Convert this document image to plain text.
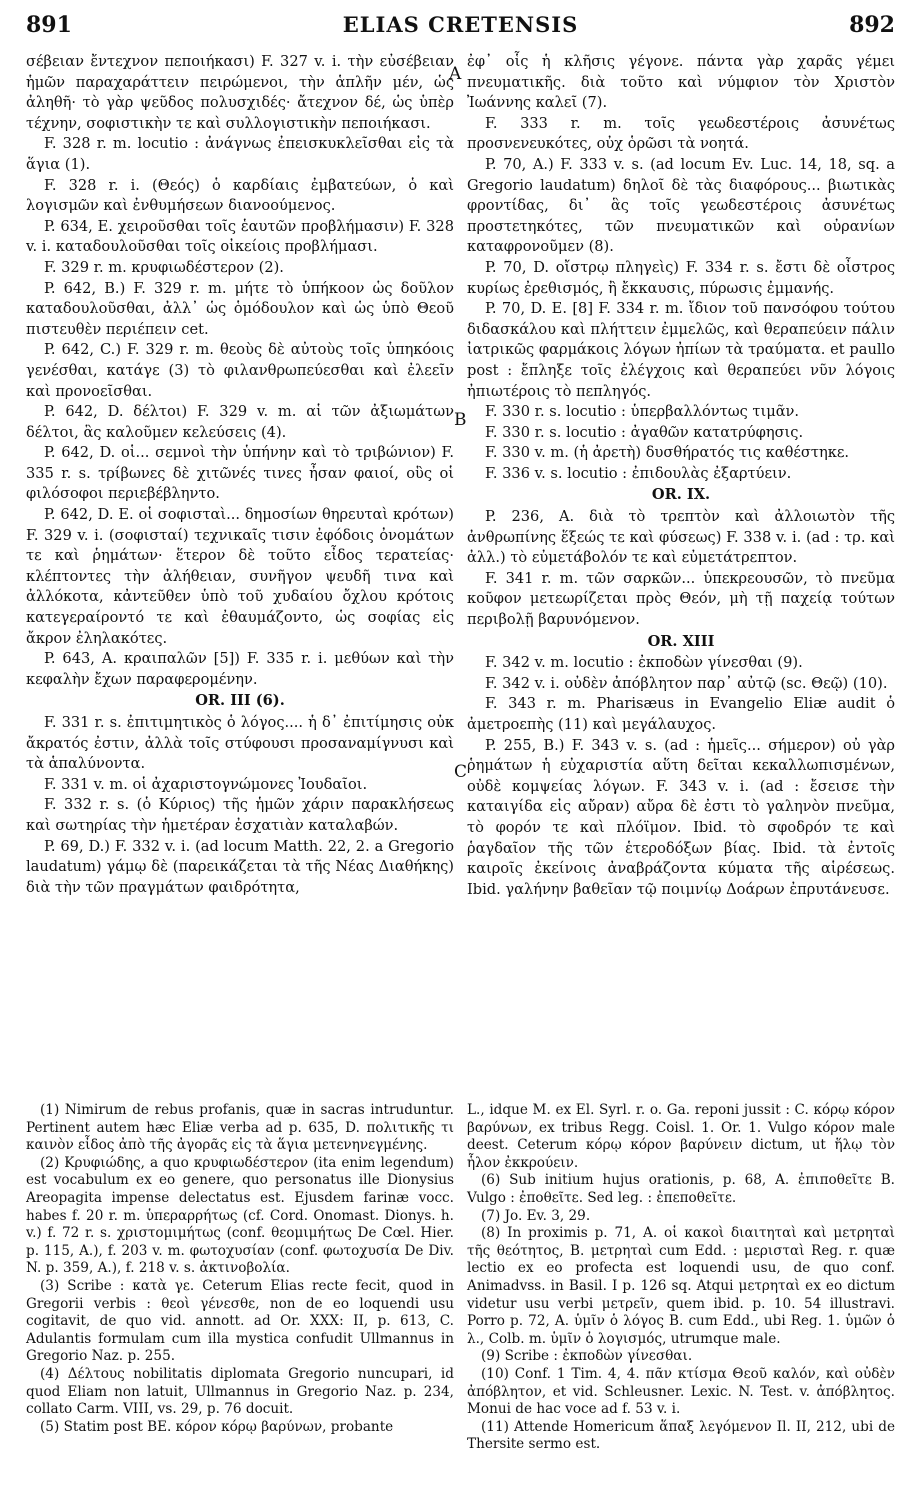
891	ELIAS CRETENSIS	892

σέβειαν ἔντεχνον πεποιήκασι) F. 327 v. i. τὴν εὐσέβειαν ἡμῶν παραχαράττειν πειρώμενοι, τὴν ἁπλῆν μέν, ὡς ἀληθῆ· τὸ γὰρ ψεῦδος πολυσχιδές· ἄτεχνον δέ, ὡς ὑπὲρ τέχνην, σοφιστικὴν τε καὶ συλλογιστικὴν πεποιήκασι.

F. 328 r. m. locutio : ἀνάγνως ἐπεισκυκλεῖσθαι εἰς τὰ ἅγια (1).

F. 328 r. i. (Θεός) ὁ καρδίαις ἐμβατεύων, ὁ καὶ λογισμῶν καὶ ἐνθυμήσεων διανοούμενος.

P. 634, E. χειροῦσθαι τοῖς ἑαυτῶν προβλήμασιν) F. 328 v. i. καταδουλοῦσθαι τοῖς οἰκείοις προβλήμασι.

F. 329 r. m. κρυφιωδέστερον (2).

P. 642, B.) F. 329 r. m. μήτε τὸ ὑπήκοον ὡς δοῦλον καταδουλοῦσθαι, ἀλλ᾽ ὡς ὁμόδουλον καὶ ὡς ὑπὸ Θεοῦ πιστευθὲν περιέπειν cet.

P. 642, C.) F. 329 r. m. θεοὺς δὲ αὐτοὺς τοῖς ὑπηκόοις γενέσθαι, κατάγε (3) τὸ φιλανθρωπεύεσθαι καὶ ἐλεεῖν καὶ προνοεῖσθαι.

P. 642, D. δέλτοι) F. 329 v. m. αἱ τῶν ἀξιωμάτων δέλτοι, ἃς καλοῦμεν κελεύσεις (4).

P. 642, D. οἱ... σεμνοὶ τὴν ὑπήνην καὶ τὸ τριβώνιον) F. 335 r. s. τρίβωνες δὲ χιτῶνές τινες ἦσαν φαιοί, οὓς οἱ φιλόσοφοι περιεβέβληντο.

P. 642, D. E. οἱ σοφισταὶ... δημοσίων θηρευταὶ κρότων) F. 329 v. i. (σοφισταί) τεχνικαῖς τισιν ἐφόδοις ὀνομάτων τε καὶ ῥημάτων· ἕτερον δὲ τοῦτο εἶδος τερατείας· κλέπτοντες τὴν ἀλήθειαν, συνῆγον ψευδῆ τινα καὶ ἀλλόκοτα, κἀντεῦθεν ὑπὸ τοῦ χυδαίου ὄχλου κρότοις κατεγεραίροντό τε καὶ ἐθαυμάζοντο, ὡς σοφίας εἰς ἄκρον ἐληλακότες.

P. 643, A. κραιπαλῶν [5]) F. 335 r. i. μεθύων καὶ τὴν κεφαλὴν ἔχων παραφερομένην.

OR. III (6).

F. 331 r. s. ἐπιτιμητικὸς ὁ λόγος.... ἡ δ᾽ ἐπιτίμησις οὐκ ἄκρατός ἐστιν, ἀλλὰ τοῖς στύφουσι προσαναμίγνυσι καὶ τὰ ἁπαλύνοντα.

F. 331 v. m. οἱ ἀχαριστογνώμονες Ἰουδαῖοι.

F. 332 r. s. (ὁ Κύριος) τῆς ἡμῶν χάριν παρακλήσεως καὶ σωτηρίας τὴν ἡμετέραν ἐσχατιὰν καταλαβών.

P. 69, D.) F. 332 v. i. (ad locum Matth. 22, 2. a Gregorio laudatum) γάμῳ δὲ (παρεικάζεται τὰ τῆς Νέας Διαθήκης) διὰ τὴν τῶν πραγμάτων φαιδρότητα,

A
B
C

ἐφ᾽ οἷς ἡ κλῆσις γέγονε. πάντα γὰρ χαρᾶς γέμει πνευματικῆς. διὰ τοῦτο καὶ νύμφιον τὸν Χριστὸν Ἰωάννης καλεῖ (7).

F. 333 r. m. τοῖς γεωδεστέροις ἀσυνέτως προσνενευκότες, οὐχ ὁρῶσι τὰ νοητά.

P. 70, A.) F. 333 v. s. (ad locum Ev. Luc. 14, 18, sq. a Gregorio laudatum) δηλοῖ δὲ τὰς διαφόρους... βιωτικὰς φροντίδας, δι᾽ ἃς τοῖς γεωδεστέροις ἀσυνέτως προστετηκότες, τῶν πνευματικῶν καὶ οὐρανίων καταφρονοῦμεν (8).

P. 70, D. οἴστρῳ πληγεὶς) F. 334 r. s. ἔστι δὲ οἶστρος κυρίως ἐρεθισμός, ἢ ἔκκαυσις, πύρωσις ἐμμανής.

P. 70, D. E. [8] F. 334 r. m. ἴδιον τοῦ πανσόφου τούτου διδασκάλου καὶ πλήττειν ἐμμελῶς, καὶ θεραπεύειν πάλιν ἰατρικῶς φαρμάκοις λόγων ἠπίων τὰ τραύματα. et paullo post : ἔπληξε τοῖς ἐλέγχοις καὶ θεραπεύει νῦν λόγοις ἠπιωτέροις τὸ πεπληγός.

F. 330 r. s. locutio : ὑπερβαλλόντως τιμᾶν.

F. 330 r. s. locutio : ἀγαθῶν κατατρύφησις.

F. 330 v. m. (ἡ ἀρετὴ) δυσθήρατός τις καθέστηκε.

F. 336 v. s. locutio : ἐπιδουλὰς ἐξαρτύειν.

OR. IX.

P. 236, A. διὰ τὸ τρεπτὸν καὶ ἀλλοιωτὸν τῆς ἀνθρωπίνης ἕξεώς τε καὶ φύσεως) F. 338 v. i. (ad : τρ. καὶ ἀλλ.) τὸ εὐμετάβολόν τε καὶ εὐμετάτρεπτον.

F. 341 r. m. τῶν σαρκῶν... ὑπεκρεουσῶν, τὸ πνεῦμα κοῦφον μετεωρίζεται πρὸς Θεόν, μὴ τῇ παχείᾳ τούτων περιβολῇ βαρυνόμενον.

OR. XIII

F. 342 v. m. locutio : ἐκποδὼν γίνεσθαι (9).

F. 342 v. i. οὐδὲν ἀπόβλητον παρ᾽ αὐτῷ (sc. Θεῷ) (10).

F. 343 r. m. Pharisæus in Evangelio Eliæ audit ὁ ἀμετροεπὴς (11) καὶ μεγάλαυχος.

P. 255, B.) F. 343 v. s. (ad : ἡμεῖς... σήμερον) οὐ γὰρ ῥημάτων ἡ εὐχαριστία αὕτη δεῖται κεκαλλωπισμένων, οὐδὲ κομψείας λόγων. F. 343 v. i. (ad : ἔσεισε τὴν καταιγίδα εἰς αὔραν) αὔρα δὲ ἐστι τὸ γαληνὸν πνεῦμα, τὸ φορόν τε καὶ πλόϊμον. Ibid. τὸ σφοδρόν τε καὶ ῥαγδαῖον τῆς τῶν ἑτεροδόξων βίας. Ibid. τὰ ἐντοῖς καιροῖς ἐκείνοις ἀναβράζοντα κύματα τῆς αἱρέσεως. Ibid. γαλήνην βαθεῖαν τῷ ποιμνίῳ Δοάρων ἐπρυτάνευσε.

(1) Nimirum de rebus profanis, quæ in sacras intruduntur. Pertinent autem hæc Eliæ verba ad p. 635, D. πολιτικῆς τι καινὸν εἶδος ἀπὸ τῆς ἀγορᾶς εἰς τὰ ἅγια μετενηνεγμένης.

(2) Κρυφιώδης, a quo κρυφιωδέστερον (ita enim legendum) est vocabulum ex eo genere, quo personatus ille Dionysius Areopagita impense delectatus est. Ejusdem farinæ vocc. habes f. 20 r. m. ὑπεραρρήτως (cf. Cord. Onomast. Dionys. h. v.) f. 72 r. s. χριστομιμήτως (conf. θεομιμήτως De Cœl. Hier. p. 115, A.), f. 203 v. m. φωτοχυσίαν (conf. φωτοχυσία De Div. N. p. 359, A.), f. 218 v. s. ἀκτινοβολία.

(3) Scribe : κατὰ γε. Ceterum Elias recte fecit, quod in Gregorii verbis : θεοὶ γένεσθε, non de eo loquendi usu cogitavit, de quo vid. annott. ad Or. XXX: II, p. 613, C. Adulantis formulam cum illa mystica confudit Ullmannus in Gregorio Naz. p. 255.

(4) Δέλτους nobilitatis diplomata Gregorio nuncupari, id quod Eliam non latuit, Ullmannus in Gregorio Naz. p. 234, collato Carm. VIII, vs. 29, p. 76 docuit.

(5) Statim post BE. κόρον κόρῳ βαρύνων, probante

L., idque M. ex El. Syrl. r. o. Ga. reponi jussit : C. κόρῳ κόρον βαρύνων, ex tribus Regg. Coisl. 1. Or. 1. Vulgo κόρον male deest. Ceterum κόρῳ κόρον βαρύνειν dictum, ut ἥλῳ τὸν ἧλον ἐκκρούειν.

(6) Sub initium hujus orationis, p. 68, A. ἐπιποθεῖτε B. Vulgo : ἐποθεῖτε. Sed leg. : ἐπεποθεῖτε.

(7) Jo. Ev. 3, 29.

(8) In proximis p. 71, A. οἱ κακοὶ διαιτηταὶ καὶ μετρηταὶ τῆς θεότητος, B. μετρηταὶ cum Edd. : μερισταὶ Reg. r. quæ lectio ex eo profecta est loquendi usu, de quo conf. Animadvss. in Basil. I p. 126 sq. Atqui μετρηταὶ ex eo dictum videtur usu verbi μετρεῖν, quem ibid. p. 10. 54 illustravi. Porro p. 72, A. ὑμῖν ὁ λόγος B. cum Edd., ubi Reg. 1. ὑμῶν ὁ λ., Colb. m. ὑμῖν ὁ λογισμός, utrumque male.

(9) Scribe : ἐκποδὼν γίνεσθαι.

(10) Conf. 1 Tim. 4, 4. πᾶν κτίσμα Θεοῦ καλόν, καὶ οὐδὲν ἀπόβλητον, et vid. Schleusner. Lexic. N. Test. v. ἀπόβλητος. Monui de hac voce ad f. 53 v. i.

(11) Attende Homericum ἅπαξ λεγόμενον Il. II, 212, ubi de Thersite sermo est.
